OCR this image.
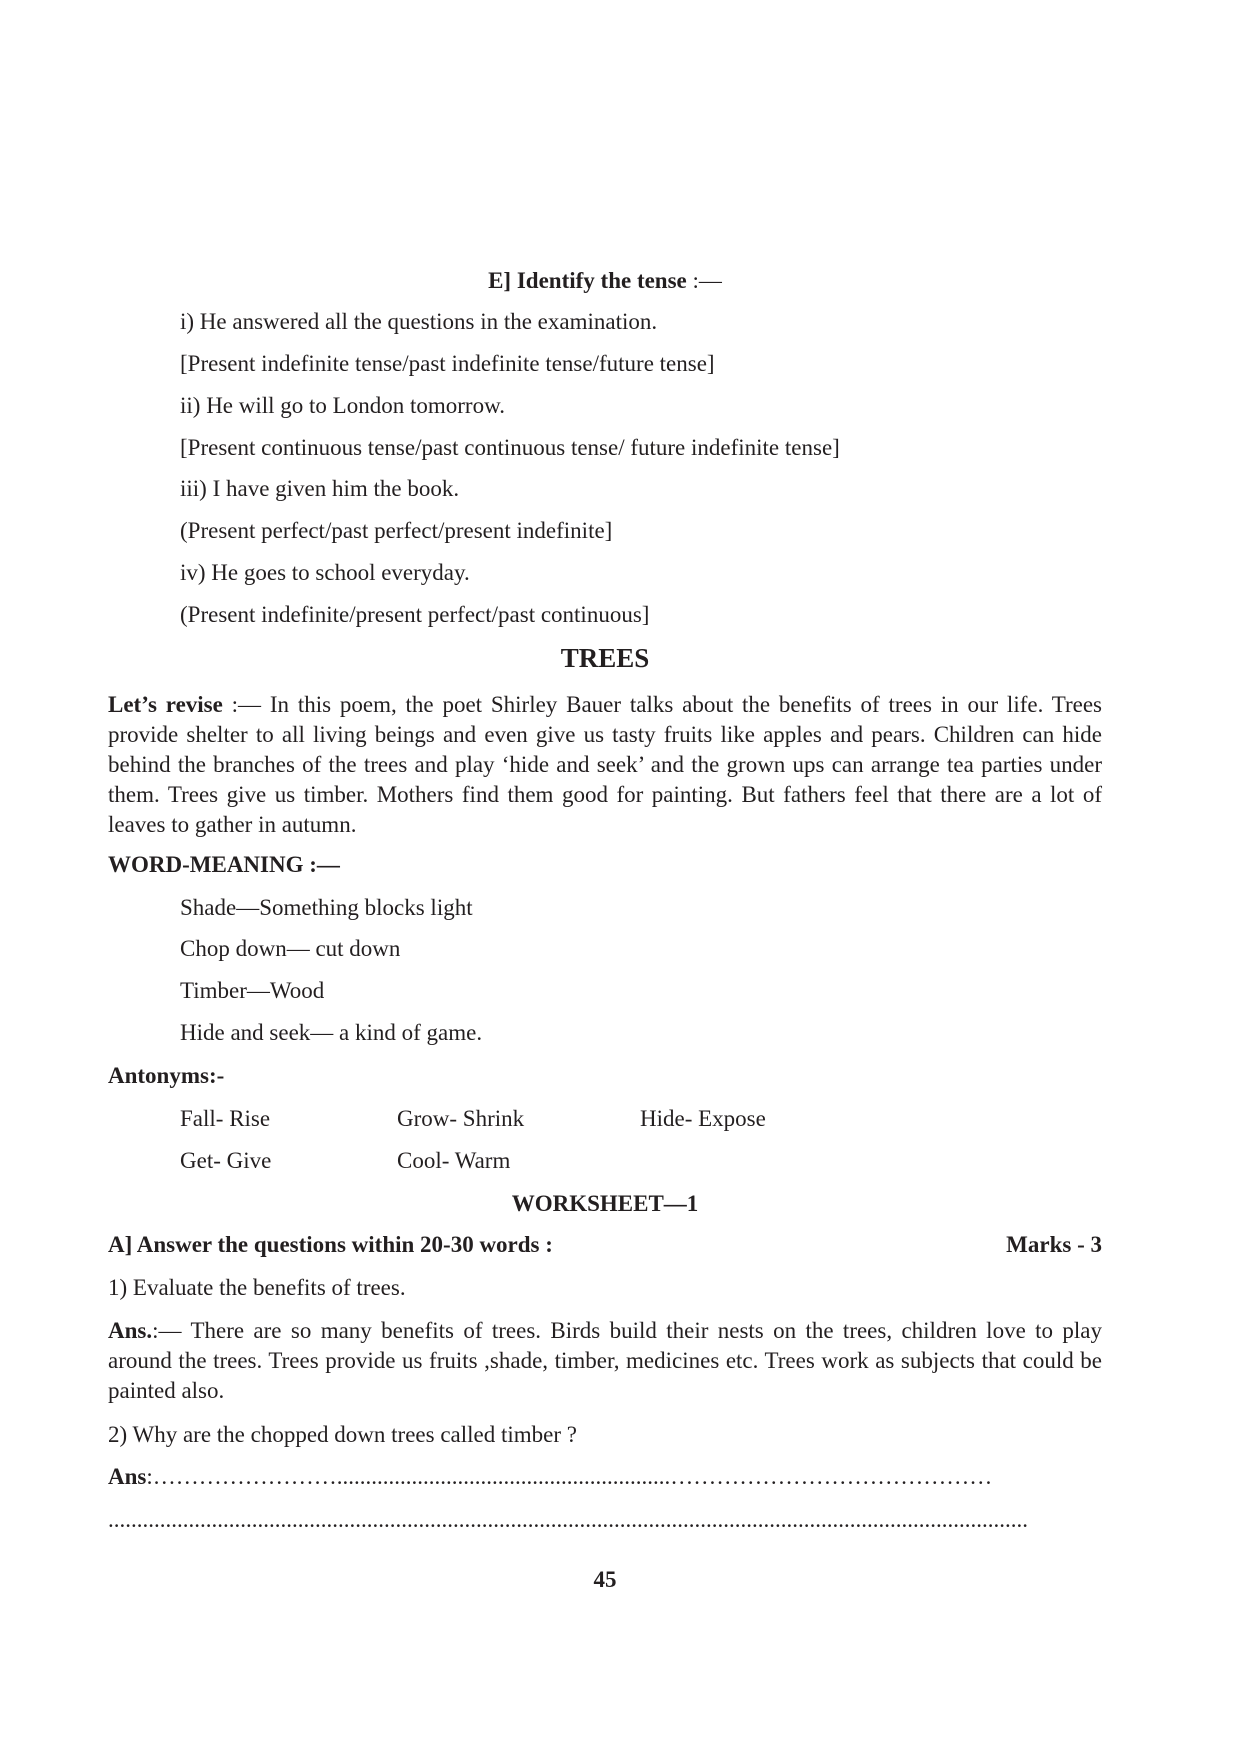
E] Identify the tense :—
i) He answered all the questions in the examination.
[Present indefinite tense/past indefinite tense/future tense]
ii) He will go to London tomorrow.
[Present continuous tense/past continuous tense/ future indefinite tense]
iii) I have given him the book.
(Present perfect/past perfect/present indefinite]
iv) He goes to school everyday.
(Present indefinite/present perfect/past continuous]
TREES
Let’s revise :— In this poem, the poet Shirley Bauer talks about the benefits of trees in our life. Trees provide shelter to all living beings and even give us tasty fruits like apples and pears. Children can hide behind the branches of the trees and play ‘hide and seek’ and the grown ups can arrange tea parties under them. Trees give us timber. Mothers find them good for painting. But fathers feel that there are a lot of leaves to gather in autumn.
WORD-MEANING :—
Shade—Something blocks light
Chop down— cut down
Timber—Wood
Hide and seek— a kind of game.
Antonyms:-
Fall- Rise	Grow- Shrink	Hide- Expose
Get- Give	Cool- Warm
WORKSHEET—1
A] Answer the questions within 20-30 words :	Marks - 3
1) Evaluate the benefits of trees.
Ans.:— There are so many benefits of trees. Birds build their nests on the trees, children love to play around the trees. Trees provide us fruits ,shade, timber, medicines etc. Trees work as subjects that could be painted also.
2) Why are the chopped down trees called timber ?
Ans:……………………..........................................................……………………………………
................................................................................................................................................................
45
